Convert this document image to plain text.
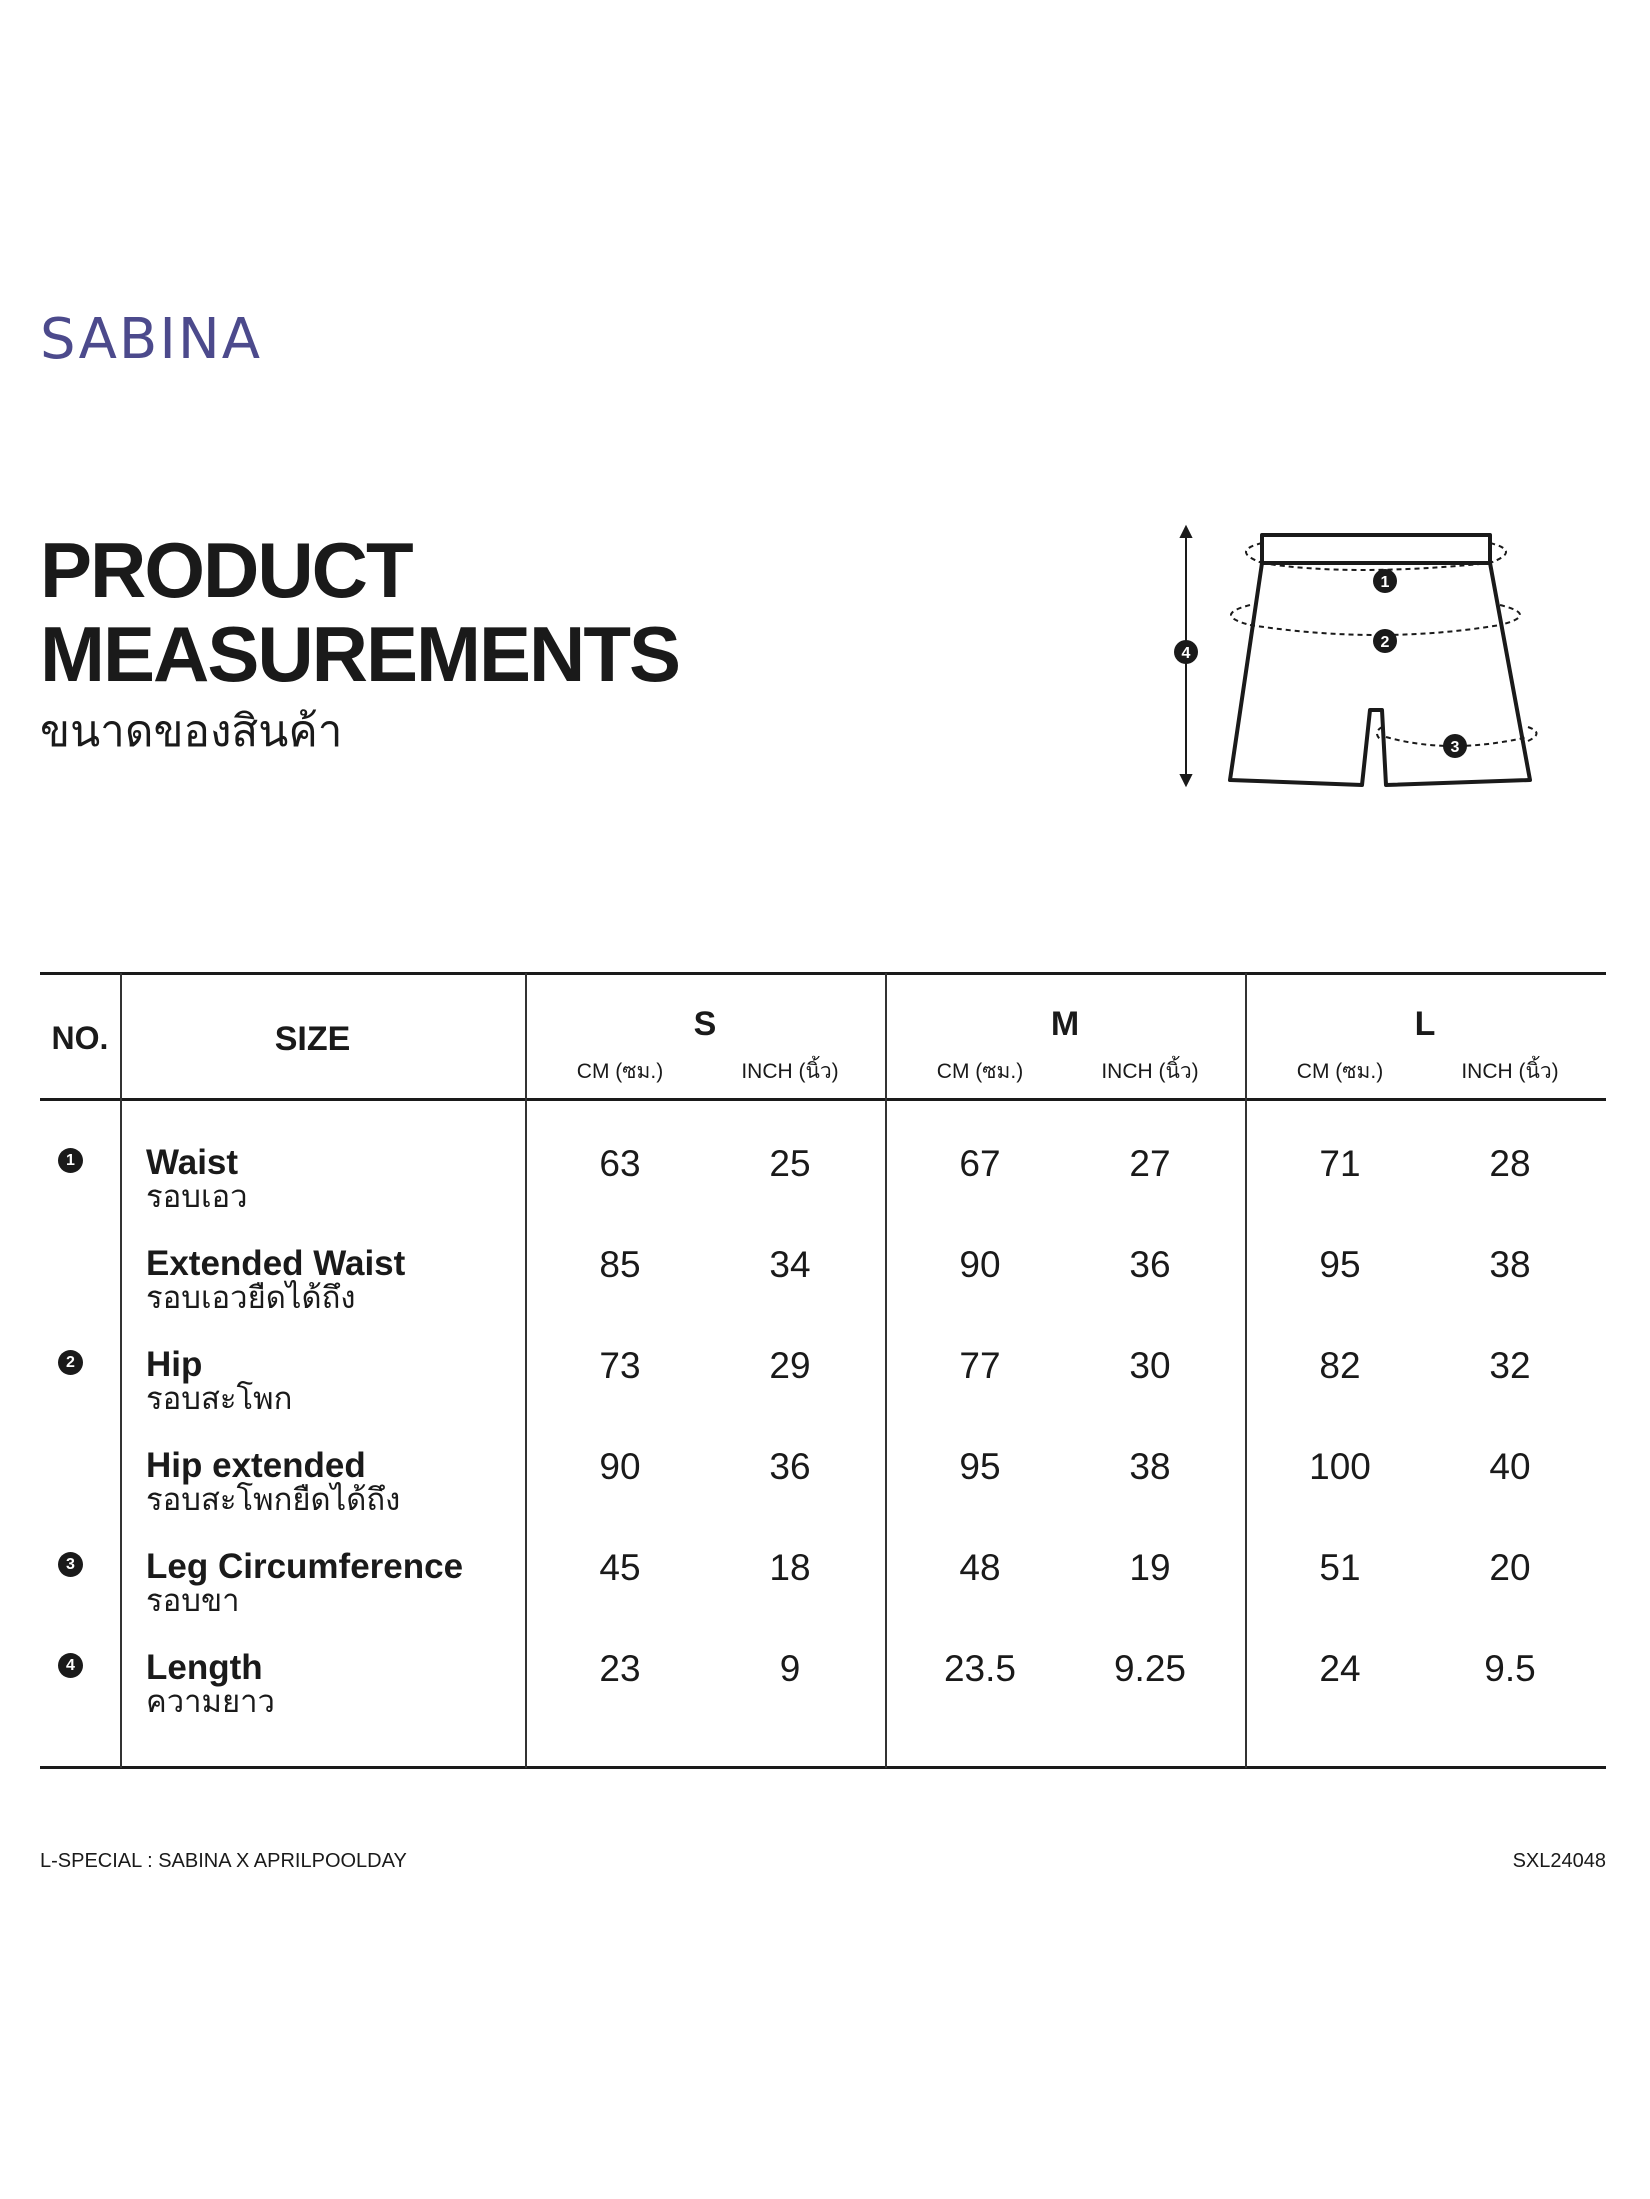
SABINA
PRODUCT
MEASUREMENTS
ขนาดของสินค้า
1
2
3
4
NO.	SIZE	S	M	L
CM (ซม.)	INCH (นิ้ว)	CM (ซม.)	INCH (นิ้ว)	CM (ซม.)	INCH (นิ้ว)
1 Waist
รอบเอว
63	25	67	27	71	28
Extended Waist
รอบเอวยืดได้ถึง
85	34	90	36	95	38
2 Hip
รอบสะโพก
73	29	77	30	82	32
Hip extended
รอบสะโพกยืดได้ถึง
90	36	95	38	100	40
3 Leg Circumference
รอบขา
45	18	48	19	51	20
4 Length
ความยาว
23	9	23.5	9.25	24	9.5
L-SPECIAL : SABINA X APRILPOOLDAY	SXL24048
